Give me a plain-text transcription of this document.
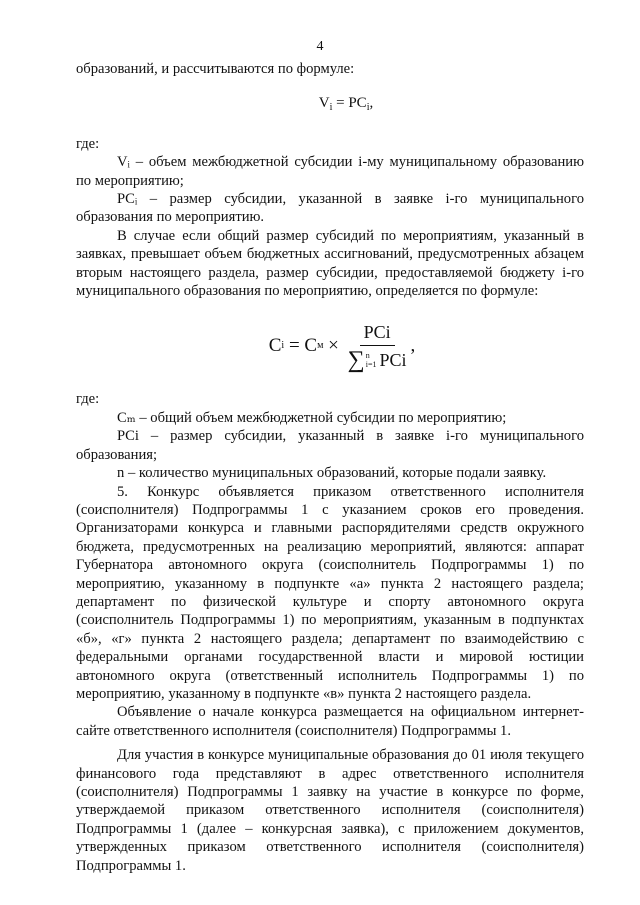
4

образований, и рассчитываются по формуле:

$V_i = PC_i$,

где:

Vᵢ – объем межбюджетной субсидии i-му муниципальному образованию по мероприятию;

PCᵢ – размер субсидии, указанной в заявке i-го муниципального образования по мероприятию.

В случае если общий размер субсидий по мероприятиям, указанный в заявках, превышает объем бюджетных ассигнований, предусмотренных абзацем вторым настоящего раздела, размер субсидии, предоставляемой бюджету i-го муниципального образования по мероприятию, определяется по формуле:

C i = C м × PCi
∑ n
i=1 PCi ,

где:

Сₘ – общий объем межбюджетной субсидии по мероприятию;

PCi – размер субсидии, указанный в заявке i-го муниципального образования;

n – количество муниципальных образований, которые подали заявку.

5. Конкурс объявляется приказом ответственного исполнителя (соисполнителя) Подпрограммы 1 с указанием сроков его проведения. Организаторами конкурса и главными распорядителями средств окружного бюджета, предусмотренных на реализацию мероприятий, являются: аппарат Губернатора автономного округа (соисполнитель Подпрограммы 1) по мероприятию, указанному в подпункте «а» пункта 2 настоящего раздела; департамент по физической культуре и спорту автономного округа (соисполнитель Подпрограммы 1) по мероприятиям, указанным в подпунктах «б», «г» пункта 2 настоящего раздела; департамент по взаимодействию с федеральными органами государственной власти и мировой юстиции автономного округа (ответственный исполнитель Подпрограммы 1) по мероприятию, указанному в подпункте «в» пункта 2 настоящего раздела.

Объявление о начале конкурса размещается на официальном интернет-сайте ответственного исполнителя (соисполнителя) Подпрограммы 1.

Для участия в конкурсе муниципальные образования до 01 июля текущего финансового года представляют в адрес ответственного исполнителя (соисполнителя) Подпрограммы 1 заявку на участие в конкурсе по форме, утверждаемой приказом ответственного исполнителя (соисполнителя) Подпрограммы 1 (далее – конкурсная заявка), с приложением документов, утвержденных приказом ответственного исполнителя (соисполнителя) Подпрограммы 1.
